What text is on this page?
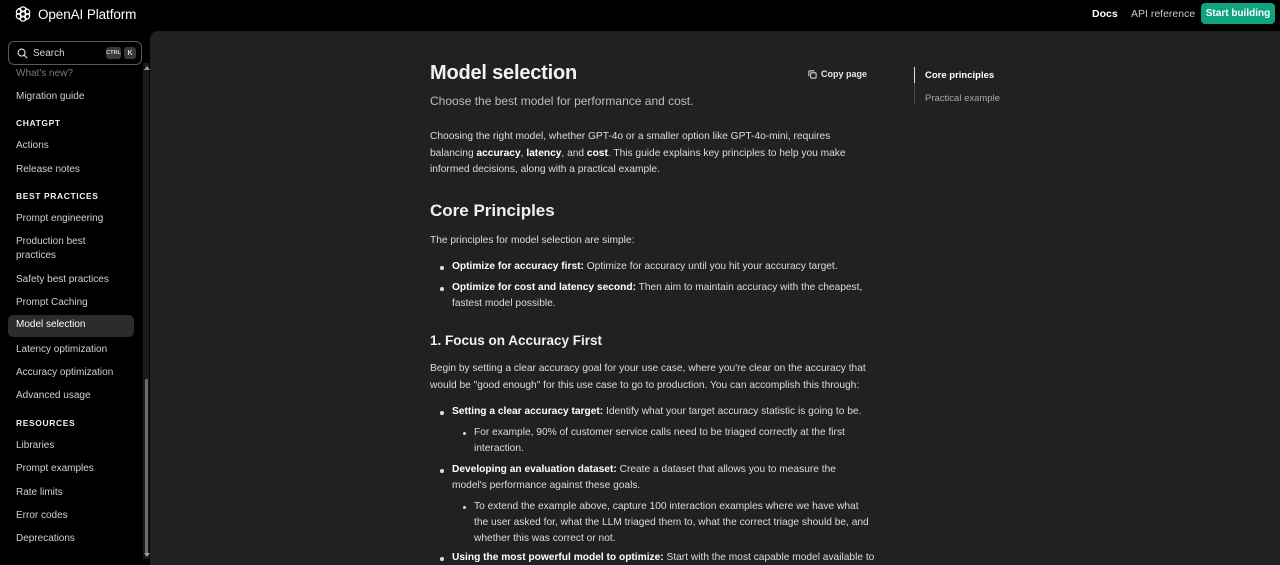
OpenAI Platform	Docs API reference	Start building
Search	CTRL K
What's new?
Migration guide
CHATGPT
Actions
Release notes
BEST PRACTICES
Prompt engineering
Production best practices
Safety best practices
Prompt Caching
Model selection
Latency optimization
Accuracy optimization
Advanced usage
RESOURCES
Libraries
Prompt examples
Rate limits
Error codes
Deprecations
Model selection
Choose the best model for performance and cost.

Choosing the right model, whether GPT-4o or a smaller option like GPT-4o-mini, requires balancing accuracy, latency, and cost. This guide explains key principles to help you make informed decisions, along with a practical example.

Core Principles

The principles for model selection are simple:

Optimize for accuracy first: Optimize for accuracy until you hit your accuracy target.
Optimize for cost and latency second: Then aim to maintain accuracy with the cheapest, fastest model possible.
1. Focus on Accuracy First

Begin by setting a clear accuracy goal for your use case, where you're clear on the accuracy that would be "good enough" for this use case to go to production. You can accomplish this through:

Setting a clear accuracy target: Identify what your target accuracy statistic is going to be.
For example, 90% of customer service calls need to be triaged correctly at the first interaction.
Developing an evaluation dataset: Create a dataset that allows you to measure the model's performance against these goals.
To extend the example above, capture 100 interaction examples where we have what the user asked for, what the LLM triaged them to, what the correct triage should be, and whether this was correct or not.
Using the most powerful model to optimize: Start with the most capable model available to
Copy page	Core principles
Practical example
